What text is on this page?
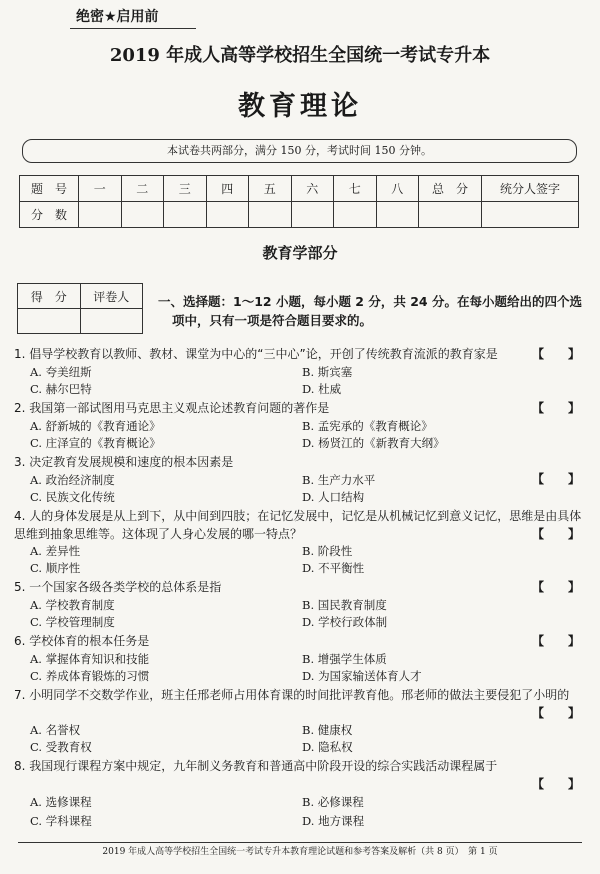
绝密★启用前
2019 年成人高等学校招生全国统一考试专升本
教育理论
本试卷共两部分，满分 150 分，考试时间 150 分钟。
题　号	一	二	三	四	五	六	七	八	总　分	统分人签字
分　数										
教育学部分
得　分	评卷人
	一、选择题：1～12 小题，每小题 2 分，共 24 分。在每小题给出的四个选
项中，只有一项是符合题目要求的。
1. 倡导学校教育以教师、教材、课堂为中心的“三中心”论，开创了传统教育流派的教育家是	【　　】
A. 夸美纽斯	B. 斯宾塞
C. 赫尔巴特	D. 杜威
2. 我国第一部试图用马克思主义观点论述教育问题的著作是	【　　】
A. 舒新城的《教育通论》	B. 孟宪承的《教育概论》
C. 庄泽宣的《教育概论》	D. 杨贤江的《新教育大纲》
3. 决定教育发展规模和速度的根本因素是
【　　】
A. 政治经济制度	B. 生产力水平
C. 民族文化传统	D. 人口结构
4. 人的身体发展是从上到下，从中间到四肢；在记忆发展中，记忆是从机械记忆到意义记忆，思维是由具体思维到抽象思维等。这体现了人身心发展的哪一特点？	【　　】
A. 差异性	B. 阶段性
C. 顺序性	D. 不平衡性
5. 一个国家各级各类学校的总体系是指	【　　】
A. 学校教育制度	B. 国民教育制度
C. 学校管理制度	D. 学校行政体制
6. 学校体育的根本任务是	【　　】
A. 掌握体育知识和技能	B. 增强学生体质
C. 养成体育锻炼的习惯	D. 为国家输送体育人才
7. 小明同学不交数学作业，班主任邢老师占用体育课的时间批评教育他。邢老师的做法主要侵犯了小明的
【　　】
A. 名誉权	B. 健康权
C. 受教育权	D. 隐私权
8. 我国现行课程方案中规定，九年制义务教育和普通高中阶段开设的综合实践活动课程属于
【　　】
A. 选修课程	B. 必修课程
C. 学科课程	D. 地方课程
2019 年成人高等学校招生全国统一考试专升本教育理论试题和参考答案及解析（共 8 页）　第 1 页
